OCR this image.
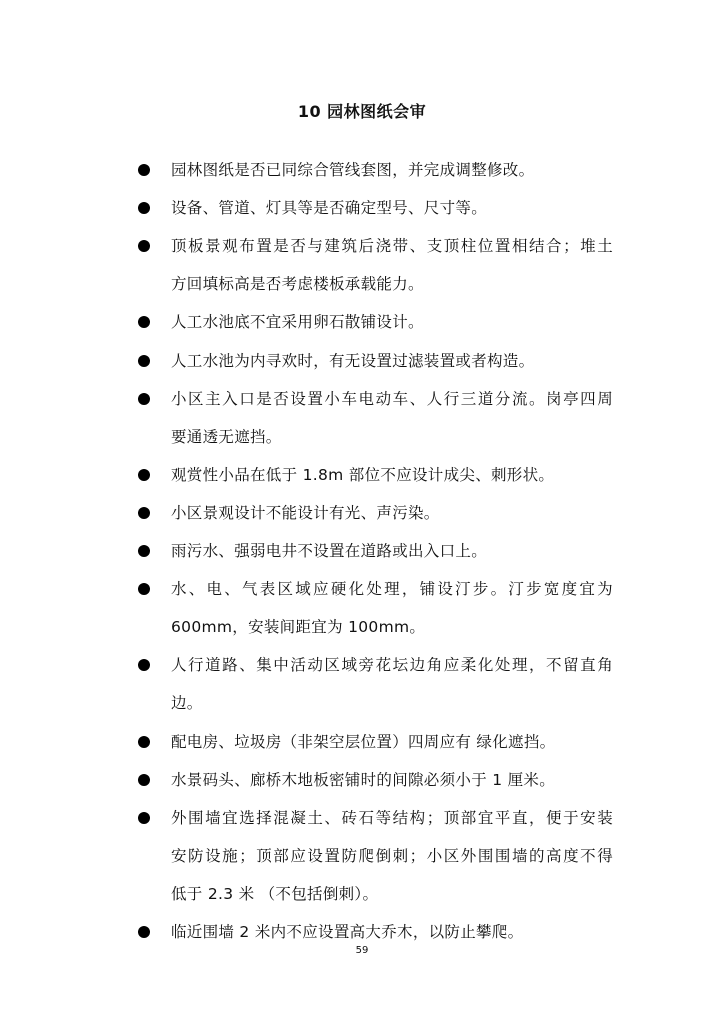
10 园林图纸会审
园林图纸是否已同综合管线套图，并完成调整修改。
设备、管道、灯具等是否确定型号、尺寸等。
顶板景观布置是否与建筑后浇带、支顶柱位置相结合；堆土
方回填标高是否考虑楼板承载能力。
人工水池底不宜采用卵石散铺设计。
人工水池为内寻欢时，有无设置过滤装置或者构造。
小区主入口是否设置小车电动车、人行三道分流。岗亭四周
要通透无遮挡。
观赏性小品在低于 1.8m 部位不应设计成尖、刺形状。
小区景观设计不能设计有光、声污染。
雨污水、强弱电井不设置在道路或出入口上。
水、电、气表区域应硬化处理，铺设汀步。汀步宽度宜为
600mm，安装间距宜为 100mm。
人行道路、集中活动区域旁花坛边角应柔化处理，不留直角
边。
配电房、垃圾房（非架空层位置）四周应有 绿化遮挡。
水景码头、廊桥木地板密铺时的间隙必须小于 1 厘米。
外围墙宜选择混凝土、砖石等结构；顶部宜平直，便于安装
安防设施；顶部应设置防爬倒刺；小区外围围墙的高度不得
低于 2.3 米 （不包括倒刺）。
临近围墙 2 米内不应设置高大乔木，以防止攀爬。
59
